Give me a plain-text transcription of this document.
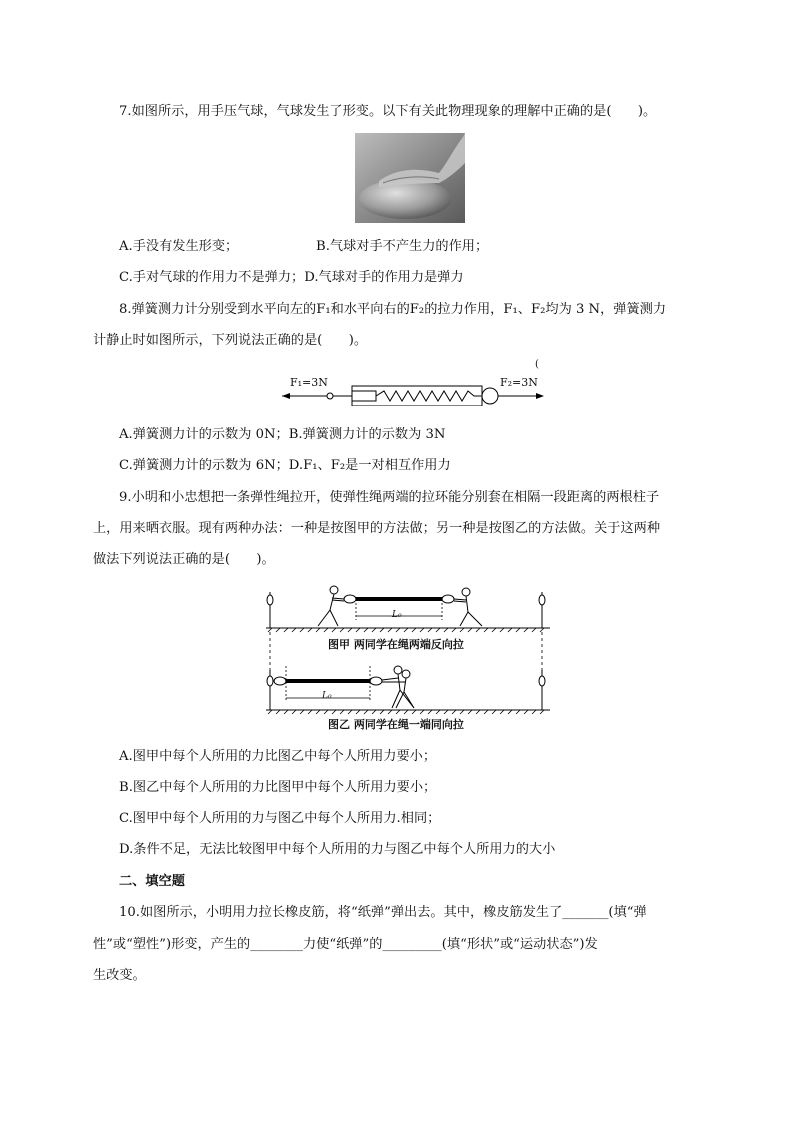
7.如图所示，用手压气球，气球发生了形变。以下有关此物理现象的理解中正确的是(　　)。
A.手没有发生形变；	B.气球对手不产生力的作用；
C.手对气球的作用力不是弹力；D.气球对手的作用力是弹力
8.弹簧测力计分别受到水平向左的F₁和水平向右的F₂的拉力作用，F₁、F₂均为 3 N，弹簧测力
计静止时如图所示，下列说法正确的是(　　)。
F₁=3N	F₂=3N
(
A.弹簧测力计的示数为 0N；B.弹簧测力计的示数为 3N
C.弹簧测力计的示数为 6N；D.F₁、F₂是一对相互作用力
9.小明和小忠想把一条弹性绳拉开，使弹性绳两端的拉环能分别套在相隔一段距离的两根柱子
上，用来晒衣服。现有两种办法：一种是按图甲的方法做；另一种是按图乙的方法做。关于这两种
做法下列说法正确的是(　　)。
L₀
L₀
图甲 两同学在绳两端反向拉
图乙 两同学在绳一端同向拉
A.图甲中每个人所用的力比图乙中每个人所用力要小；
B.图乙中每个人所用的力比图甲中每个人所用力要小；
C.图甲中每个人所用的力与图乙中每个人所用力.相同；
D.条件不足，无法比较图甲中每个人所用的力与图乙中每个人所用力的大小
二、填空题
10.如图所示，小明用力拉长橡皮筋，将“纸弹”弹出去。其中，橡皮筋发生了_______(填“弹
性”或“塑性”)形变，产生的________力使“纸弹”的_________(填“形状”或“运动状态”)发
生改变。
